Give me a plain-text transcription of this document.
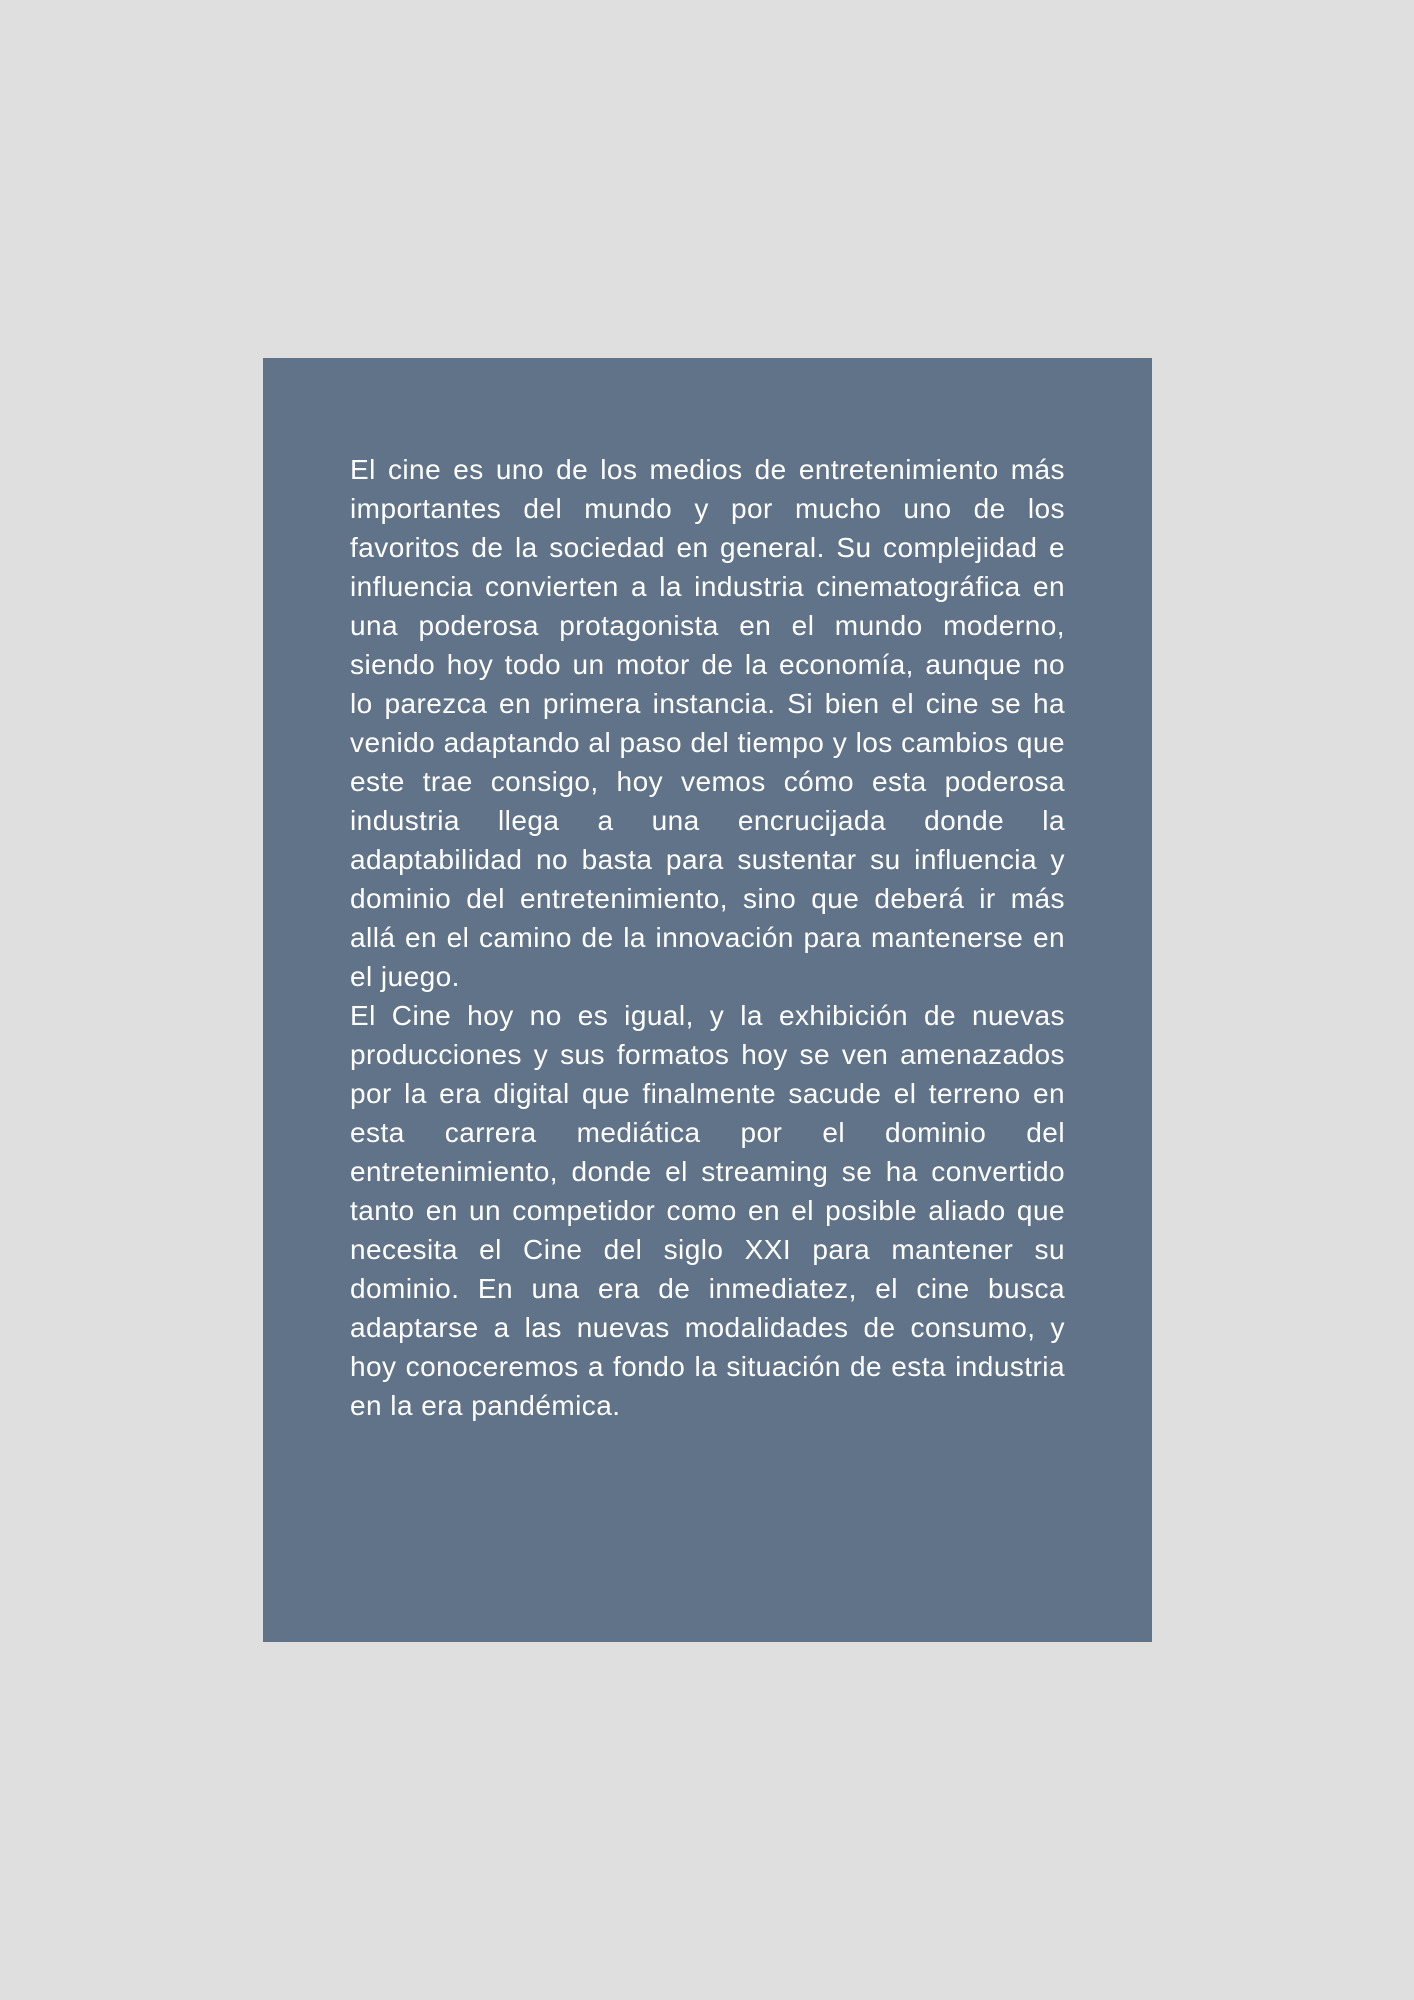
El cine es uno de los medios de entretenimiento más importantes del mundo y por mucho uno de los favoritos de la sociedad en general. Su complejidad e influencia convierten a la industria cinematográfica en una poderosa protagonista en el mundo moderno, siendo hoy todo un motor de la economía, aunque no lo parezca en primera instancia. Si bien el cine se ha venido adaptando al paso del tiempo y los cambios que este trae consigo, hoy vemos cómo esta poderosa industria llega a una encrucijada donde la adaptabilidad no basta para sustentar su influencia y dominio del entretenimiento, sino que deberá ir más allá en el camino de la innovación para mantenerse en el juego.

El Cine hoy no es igual, y la exhibición de nuevas producciones y sus formatos hoy se ven amenazados por la era digital que finalmente sacude el terreno en esta carrera mediática por el dominio del entretenimiento, donde el streaming se ha convertido tanto en un competidor como en el posible aliado que necesita el Cine del siglo XXI para mantener su dominio. En una era de inmediatez, el cine busca adaptarse a las nuevas modalidades de consumo, y hoy conoceremos a fondo la situación de esta industria en la era pandémica.
